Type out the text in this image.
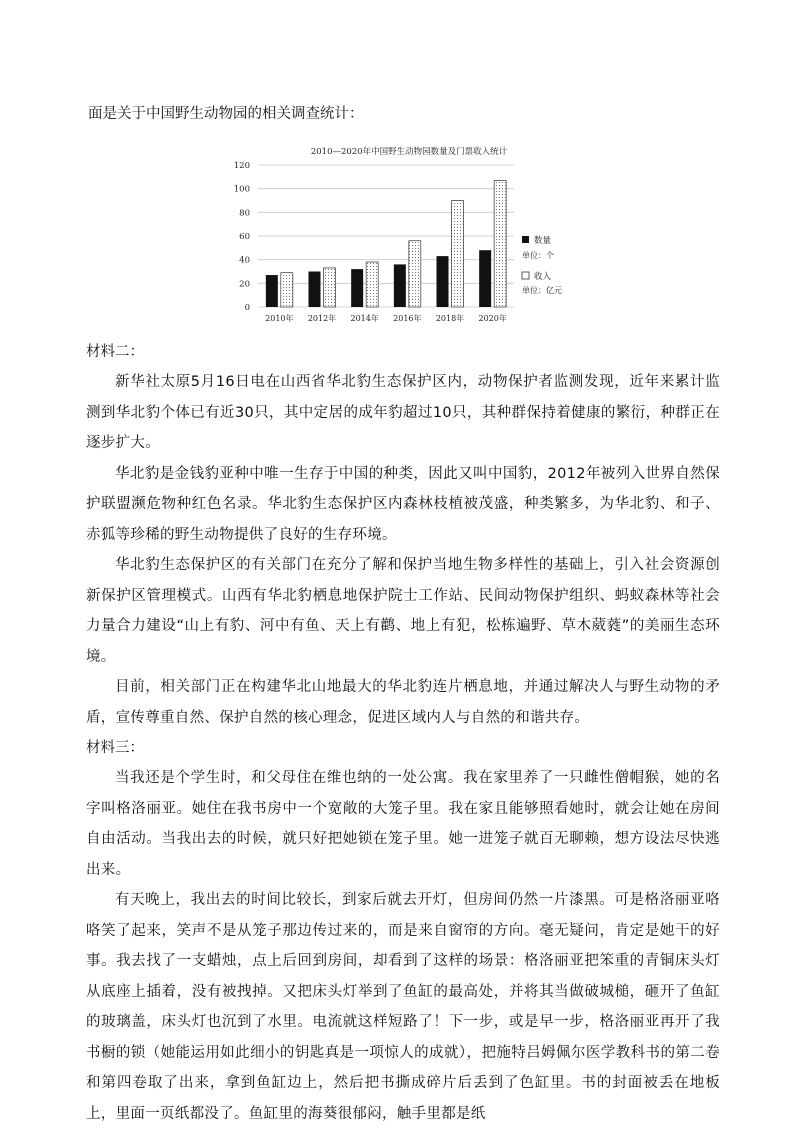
面是关于中国野生动物园的相关调查统计：
2010—2020年中国野生动物园数量及门票收入统计
0
20
40
60
80
100
120
2010年 2012年 2014年 2016年 2018年 2020年
数量
单位：个
收入
单位：亿元

材料二：

新华社太原5月16日电在山西省华北豹生态保护区内，动物保护者监测发现，近年来累计监测到华北豹个体已有近30只，其中定居的成年豹超过10只，其种群保持着健康的繁衍，种群正在逐步扩大。

华北豹是金钱豹亚种中唯一生存于中国的种类，因此又叫中国豹，2012年被列入世界自然保护联盟濒危物种红色名录。华北豹生态保护区内森林枝植被茂盛，种类繁多，为华北豹、和子、赤狐等珍稀的野生动物提供了良好的生存环境。

华北豹生态保护区的有关部门在充分了解和保护当地生物多样性的基础上，引入社会资源创新保护区管理模式。山西有华北豹栖息地保护院士工作站、民间动物保护组织、蚂蚁森林等社会力量合力建设“山上有豹、河中有鱼、天上有鹳、地上有犯，松栋遍野、草木葳蕤”的美丽生态环境。

目前，相关部门正在构建华北山地最大的华北豹连片栖息地，并通过解决人与野生动物的矛盾，宣传尊重自然、保护自然的核心理念，促进区域内人与自然的和谐共存。

材料三：

当我还是个学生时，和父母住在维也纳的一处公寓。我在家里养了一只雌性僧帽猴，她的名字叫格洛丽亚。她住在我书房中一个宽敞的大笼子里。我在家且能够照看她时，就会让她在房间自由活动。当我出去的时候，就只好把她锁在笼子里。她一进笼子就百无聊赖，想方设法尽快逃出来。

有天晚上，我出去的时间比较长，到家后就去开灯，但房间仍然一片漆黑。可是格洛丽亚咯咯笑了起来，笑声不是从笼子那边传过来的，而是来自窗帘的方向。毫无疑问，肯定是她干的好事。我去找了一支蜡烛，点上后回到房间，却看到了这样的场景：格洛丽亚把笨重的青铜床头灯从底座上插着，没有被拽掉。又把床头灯举到了鱼缸的最高处，并将其当做破城槌，砸开了鱼缸的玻璃盖，床头灯也沉到了水里。电流就这样短路了！下一步，或是早一步，格洛丽亚再开了我书橱的锁（她能运用如此细小的钥匙真是一项惊人的成就），把施特吕姆佩尔医学教科书的第二卷和第四卷取了出来，拿到鱼缸边上，然后把书撕成碎片后丢到了色缸里。书的封面被丢在地板上，里面一页纸都没了。鱼缸里的海葵很郁闷，触手里都是纸
